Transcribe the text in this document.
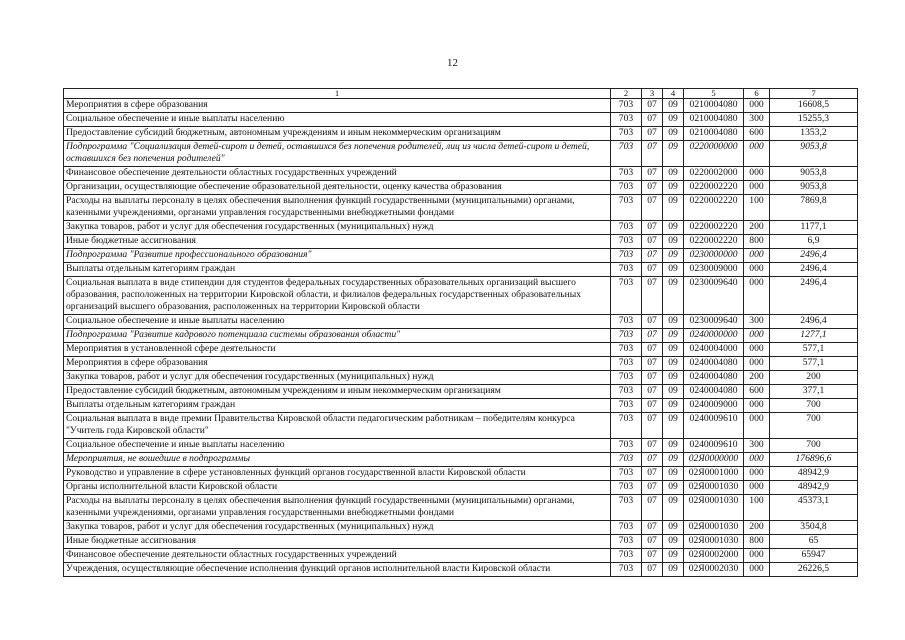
12
1	2	3	4	5	6	7
Мероприятия в сфере образования	703	07	09	0210004080	000	16608,5
Социальное обеспечение и иные выплаты населению	703	07	09	0210004080	300	15255,3
Предоставление субсидий бюджетным, автономным учреждениям и иным некоммерческим организациям	703	07	09	0210004080	600	1353,2
Подпрограмма "Социализация детей-сирот и детей, оставшихся без попечения родителей, лиц из числа детей-сирот и детей, оставшихся без попечения родителей"	703	07	09	0220000000	000	9053,8
Финансовое обеспечение деятельности областных государственных учреждений	703	07	09	0220002000	000	9053,8
Организации, осуществляющие обеспечение образовательной деятельности, оценку качества образования	703	07	09	0220002220	000	9053,8
Расходы на выплаты персоналу в целях обеспечения выполнения функций государственными (муниципальными) органами, казенными учреждениями, органами управления государственными внебюджетными фондами	703	07	09	0220002220	100	7869,8
Закупка товаров, работ и услуг для обеспечения государственных (муниципальных) нужд	703	07	09	0220002220	200	1177,1
Иные бюджетные ассигнования	703	07	09	0220002220	800	6,9
Подпрограмма "Развитие профессионального образования"	703	07	09	0230000000	000	2496,4
Выплаты отдельным категориям граждан	703	07	09	0230009000	000	2496,4
Социальная выплата в виде стипендии для студентов федеральных государственных образовательных организаций высшего образования, расположенных на территории Кировской области, и филиалов федеральных государственных образовательных организаций высшего образования, расположенных на территории Кировской области	703	07	09	0230009640	000	2496,4
Социальное обеспечение и иные выплаты населению	703	07	09	0230009640	300	2496,4
Подпрограмма "Развитие кадрового потенциала системы образования области"	703	07	09	0240000000	000	1277,1
Мероприятия в установленной сфере деятельности	703	07	09	0240004000	000	577,1
Мероприятия в сфере образования	703	07	09	0240004080	000	577,1
Закупка товаров, работ и услуг для обеспечения государственных (муниципальных) нужд	703	07	09	0240004080	200	200
Предоставление субсидий бюджетным, автономным учреждениям и иным некоммерческим организациям	703	07	09	0240004080	600	377,1
Выплаты отдельным категориям граждан	703	07	09	0240009000	000	700
Социальная выплата в виде премии Правительства Кировской области педагогическим работникам – победителям конкурса "Учитель года Кировской области"	703	07	09	0240009610	000	700
Социальное обеспечение и иные выплаты населению	703	07	09	0240009610	300	700
Мероприятия, не вошедшие в подпрограммы	703	07	09	02Я0000000	000	176896,6
Руководство и управление в сфере установленных функций органов государственной власти Кировской области	703	07	09	02Я0001000	000	48942,9
Органы исполнительной власти Кировской области	703	07	09	02Я0001030	000	48942,9
Расходы на выплаты персоналу в целях обеспечения выполнения функций государственными (муниципальными) органами, казенными учреждениями, органами управления государственными внебюджетными фондами	703	07	09	02Я0001030	100	45373,1
Закупка товаров, работ и услуг для обеспечения государственных (муниципальных) нужд	703	07	09	02Я0001030	200	3504,8
Иные бюджетные ассигнования	703	07	09	02Я0001030	800	65
Финансовое обеспечение деятельности областных государственных учреждений	703	07	09	02Я0002000	000	65947
Учреждения, осуществляющие обеспечение исполнения функций органов исполнительной власти Кировской области	703	07	09	02Я0002030	000	26226,5
